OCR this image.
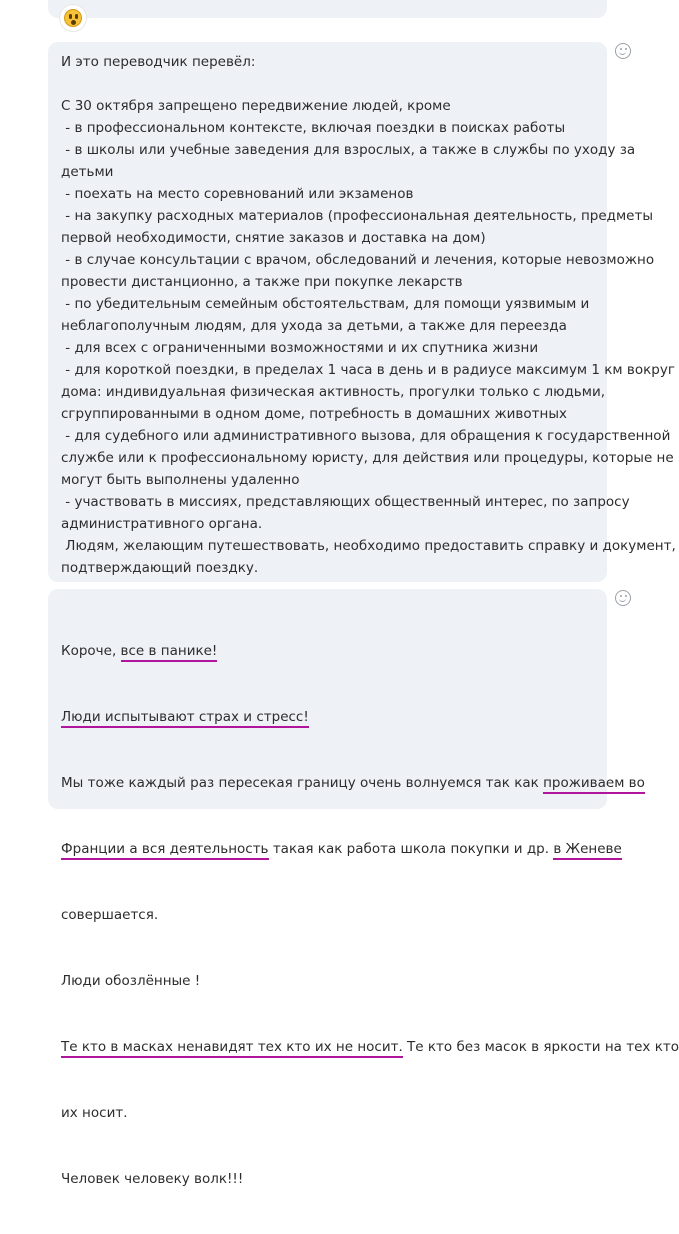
И это переводчик перевёл:
С 30 октября запрещено передвижение людей, кроме
- в профессиональном контексте, включая поездки в поисках работы
- в школы или учебные заведения для взрослых, а также в службы по уходу за
детьми
- поехать на место соревнований или экзаменов
- на закупку расходных материалов (профессиональная деятельность, предметы
первой необходимости, снятие заказов и доставка на дом)
- в случае консультации с врачом, обследований и лечения, которые невозможно
провести дистанционно, а также при покупке лекарств
- по убедительным семейным обстоятельствам, для помощи уязвимым и
неблагополучным людям, для ухода за детьми, а также для переезда
- для всех с ограниченными возможностями и их спутника жизни
- для короткой поездки, в пределах 1 часа в день и в радиусе максимум 1 км вокруг
дома: индивидуальная физическая активность, прогулки только с людьми,
сгруппированными в одном доме, потребность в домашних животных
- для судебного или административного вызова, для обращения к государственной
службе или к профессиональному юристу, для действия или процедуры, которые не
могут быть выполнены удаленно
- участвовать в миссиях, представляющих общественный интерес, по запросу
административного органа.
Людям, желающим путешествовать, необходимо предоставить справку и документ,
подтверждающий поездку.

Короче, все в панике!

Люди испытывают страх и стресс!

Мы тоже каждый раз пересекая границу очень волнуемся так как проживаем во

Франции а вся деятельность такая как работа школа покупки и др. в Женеве

совершается.

Люди обозлённые !

Те кто в масках ненавидят тех кто их не носит. Те кто без масок в яркости на тех кто

их носит.

Человек человеку волк!!!
